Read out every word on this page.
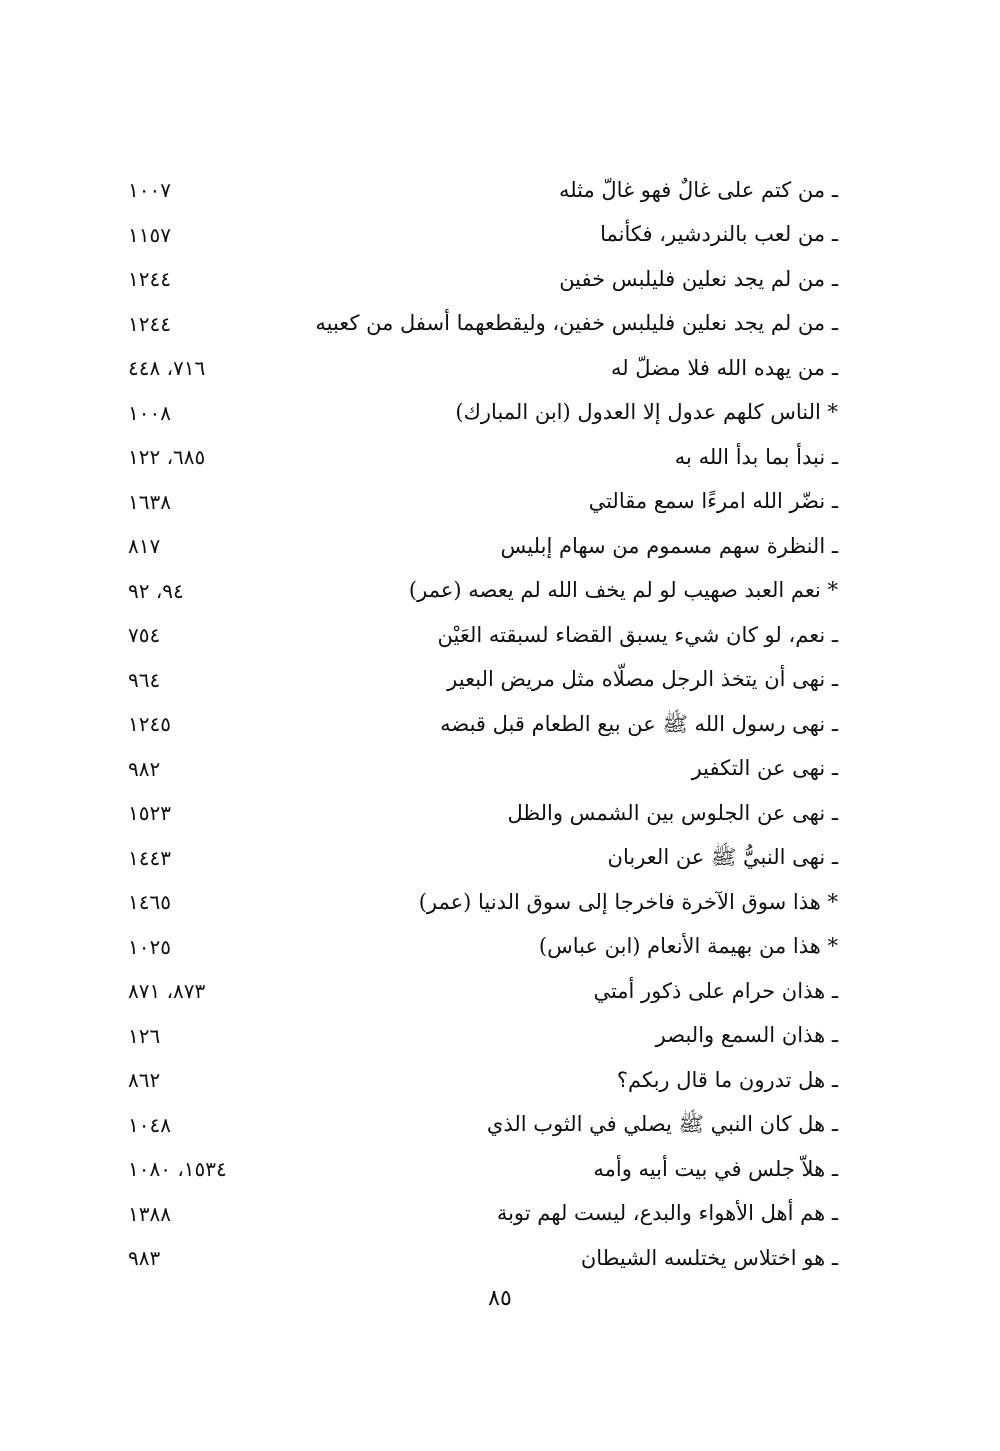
١٠٠٧	ـ من كتم على غالٌ فهو غالّ مثله
١١٥٧	ـ من لعب بالنردشير، فكأنما
١٢٤٤	ـ من لم يجد نعلين فليلبس خفين
١٢٤٤	ـ من لم يجد نعلين فليلبس خفين، وليقطعهما أسفل من كعبيه
٧١٦، ٤٤٨	ـ من يهده الله فلا مضلّ له
١٠٠٨	* الناس كلهم عدول إلا العدول (ابن المبارك)
٦٨٥، ١٢٢	ـ نبدأ بما بدأ الله به
١٦٣٨	ـ نضّر الله امرءًا سمع مقالتي
٨١٧	ـ النظرة سهم مسموم من سهام إبليس
٩٤، ٩٢	* نعم العبد صهيب لو لم يخف الله لم يعصه (عمر)
٧٥٤	ـ نعم، لو كان شيء يسبق القضاء لسبقته العَيْن
٩٦٤	ـ نهى أن يتخذ الرجل مصلّاه مثل مريض البعير
١٢٤٥	ـ نهى رسول الله ﷺ عن بيع الطعام قبل قبضه
٩٨٢	ـ نهى عن التكفير
١٥٢٣	ـ نهى عن الجلوس بين الشمس والظل
١٤٤٣	ـ نهى النبيُّ ﷺ عن العربان
١٤٦٥	* هذا سوق الآخرة فاخرجا إلى سوق الدنيا (عمر)
١٠٢٥	* هذا من بهيمة الأنعام (ابن عباس)
٨٧٣، ٨٧١	ـ هذان حرام على ذكور أمتي
١٢٦	ـ هذان السمع والبصر
٨٦٢	ـ هل تدرون ما قال ربكم؟
١٠٤٨	ـ هل كان النبي ﷺ يصلي في الثوب الذي
١٥٣٤، ١٠٨٠	ـ هلاّ جلس في بيت أبيه وأمه
١٣٨٨	ـ هم أهل الأهواء والبدع، ليست لهم توبة
٩٨٣	ـ هو اختلاس يختلسه الشيطان
٨٥
